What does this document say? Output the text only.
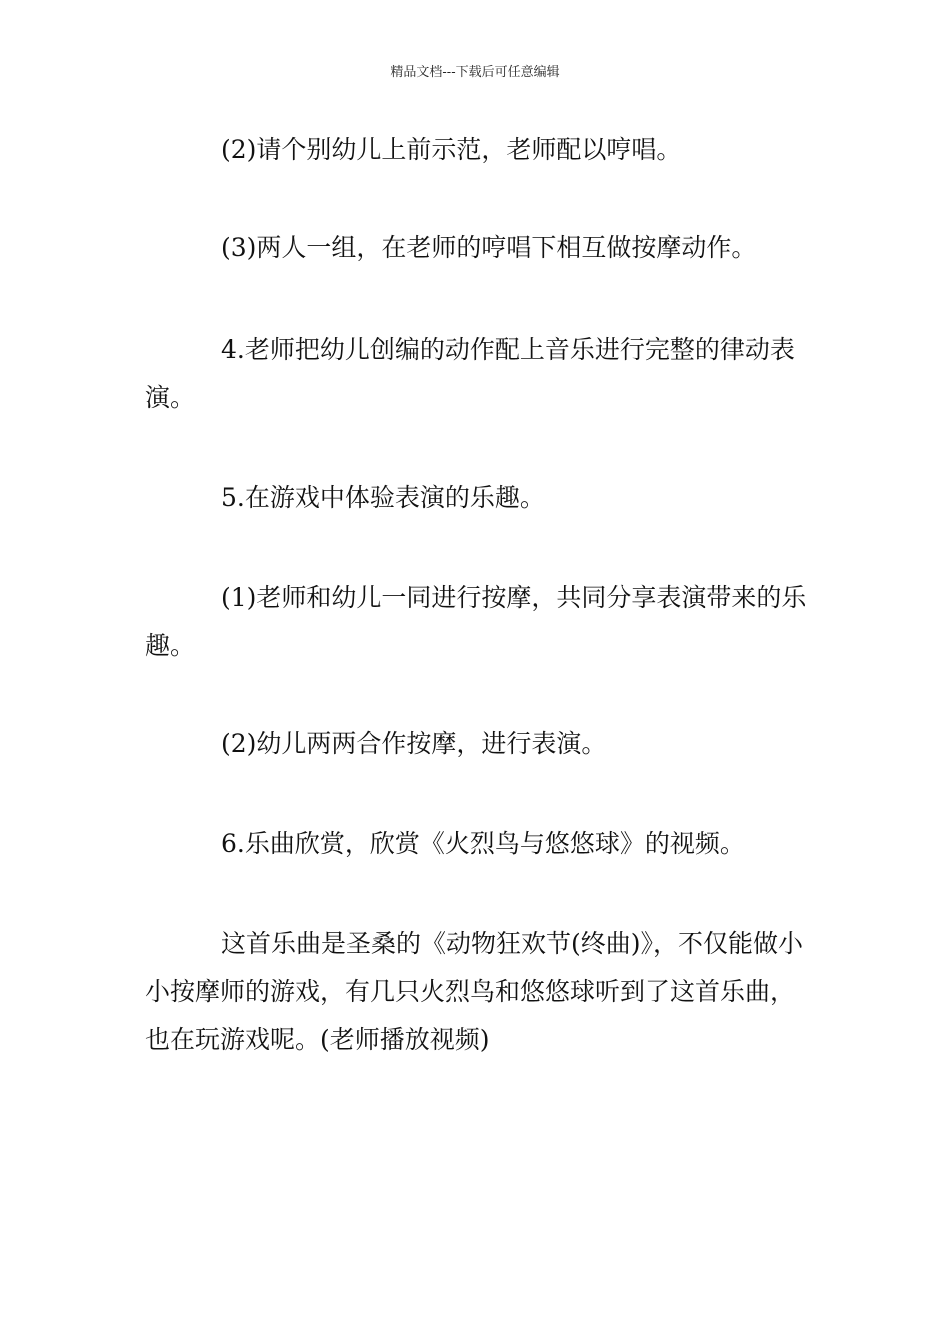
精品文档---下载后可任意编辑

(2)请个别幼儿上前示范，老师配以哼唱。

(3)两人一组，在老师的哼唱下相互做按摩动作。

4.老师把幼儿创编的动作配上音乐进行完整的律动表演。

5.在游戏中体验表演的乐趣。

(1)老师和幼儿一同进行按摩，共同分享表演带来的乐趣。

(2)幼儿两两合作按摩，进行表演。

6.乐曲欣赏，欣赏《火烈鸟与悠悠球》的视频。

这首乐曲是圣桑的《动物狂欢节(终曲)》，不仅能做小小按摩师的游戏，有几只火烈鸟和悠悠球听到了这首乐曲，也在玩游戏呢。(老师播放视频)
